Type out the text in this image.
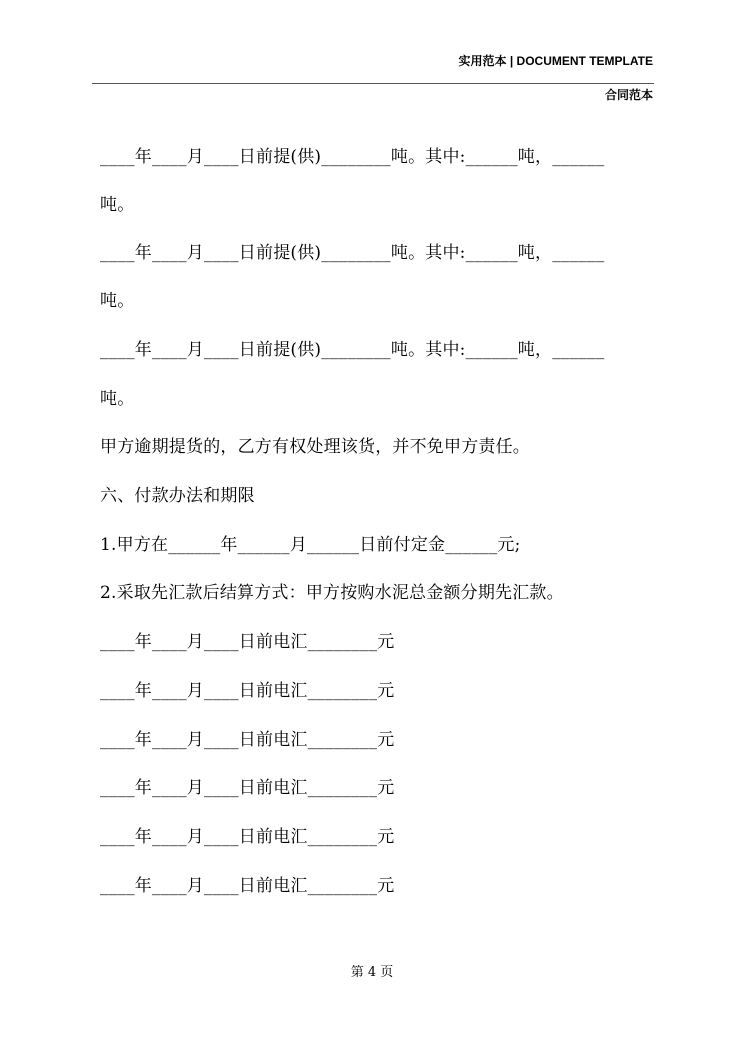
实用范本 | DOCUMENT TEMPLATE
合同范本
____年____月____日前提(供)________吨。其中:______吨，______
吨。
____年____月____日前提(供)________吨。其中:______吨，______
吨。
____年____月____日前提(供)________吨。其中:______吨，______
吨。
甲方逾期提货的，乙方有权处理该货，并不免甲方责任。
六、付款办法和期限
1.甲方在______年______月______日前付定金______元;
2.采取先汇款后结算方式：甲方按购水泥总金额分期先汇款。
____年____月____日前电汇________元
____年____月____日前电汇________元
____年____月____日前电汇________元
____年____月____日前电汇________元
____年____月____日前电汇________元
____年____月____日前电汇________元
第 4 页
